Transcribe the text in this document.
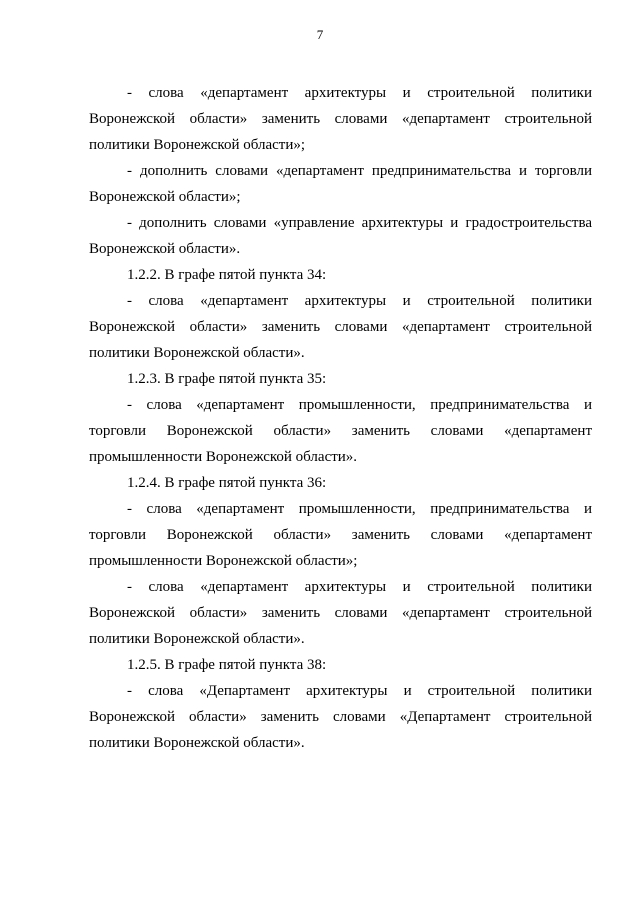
7

- слова «департамент архитектуры и строительной политики Воронежской области» заменить словами «департамент строительной политики Воронежской области»;

- дополнить словами «департамент предпринимательства и торговли Воронежской области»;

- дополнить словами «управление архитектуры и градостроительства Воронежской области».

1.2.2. В графе пятой пункта 34:

- слова «департамент архитектуры и строительной политики Воронежской области» заменить словами «департамент строительной политики Воронежской области».

1.2.3. В графе пятой пункта 35:

- слова «департамент промышленности, предпринимательства и торговли Воронежской области» заменить словами «департамент промышленности Воронежской области».

1.2.4. В графе пятой пункта 36:

- слова «департамент промышленности, предпринимательства и торговли Воронежской области» заменить словами «департамент промышленности Воронежской области»;

- слова «департамент архитектуры и строительной политики Воронежской области» заменить словами «департамент строительной политики Воронежской области».

1.2.5. В графе пятой пункта 38:

- слова «Департамент архитектуры и строительной политики Воронежской области» заменить словами «Департамент строительной политики Воронежской области».
